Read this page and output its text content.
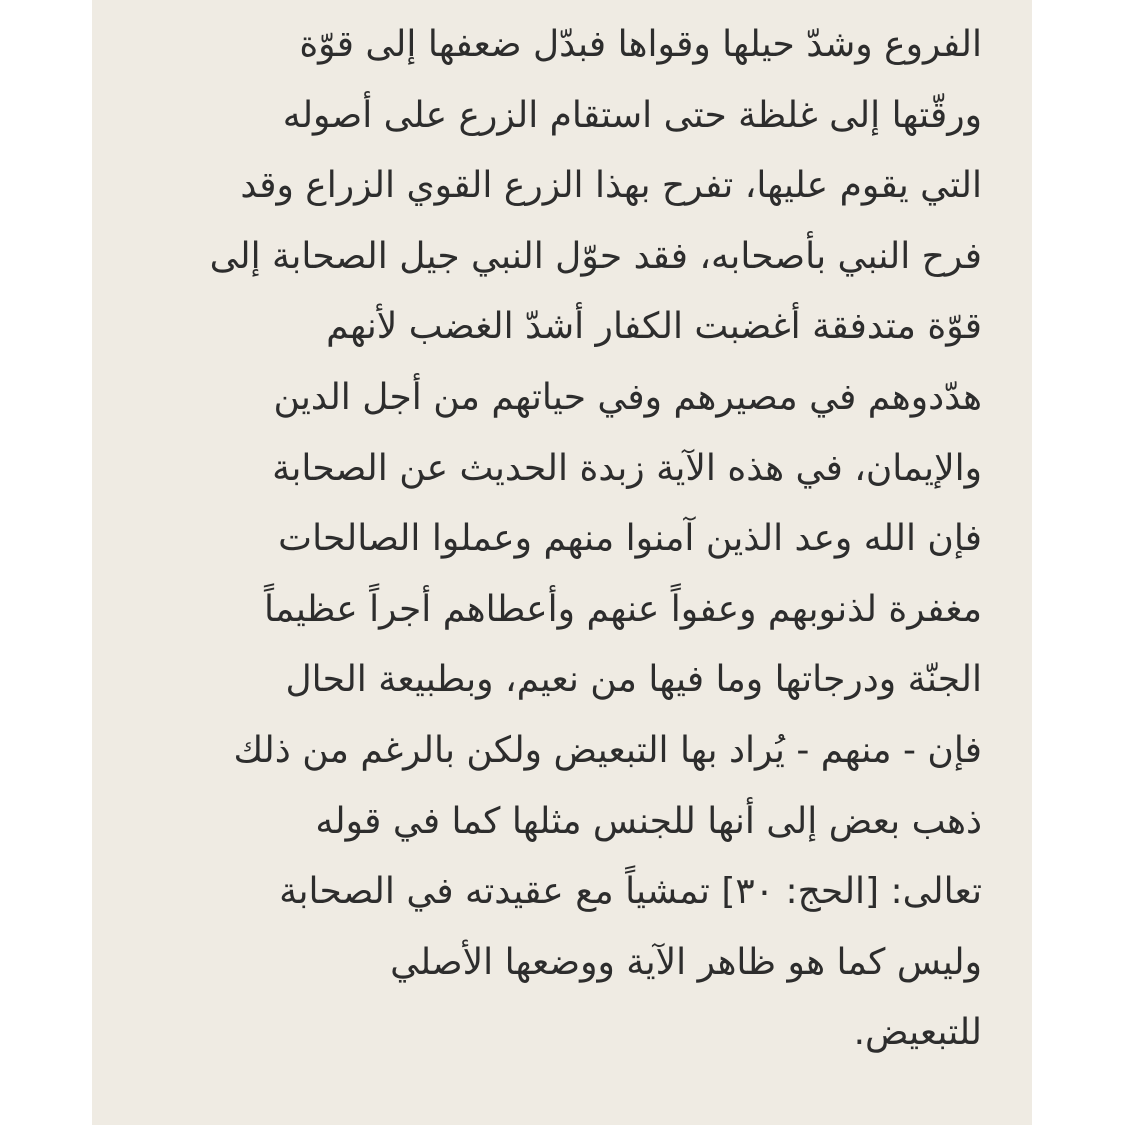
الفروع وشدّ حيلها وقواها فبدّل ضعفها إلى قوّة
ورقّتها إلى غلظة حتى استقام الزرع على أصوله
التي يقوم عليها، تفرح بهذا الزرع القوي الزراع وقد
فرح النبي بأصحابه، فقد حوّل النبي جيل الصحابة إلى
قوّة متدفقة أغضبت الكفار أشدّ الغضب لأنهم
هدّدوهم في مصيرهم وفي حياتهم من أجل الدين
والإيمان، في هذه الآية زبدة الحديث عن الصحابة
فإن الله وعد الذين آمنوا منهم وعملوا الصالحات
مغفرة لذنوبهم وعفواً عنهم وأعطاهم أجراً عظيماً
الجنّة ودرجاتها وما فيها من نعيم، وبطبيعة الحال
فإن - منهم - يُراد بها التبعيض ولكن بالرغم من ذلك
ذهب بعض إلى أنها للجنس مثلها كما في قوله
تعالى: [الحج: ٣٠] تمشياً مع عقيدته في الصحابة
وليس كما هو ظاهر الآية ووضعها الأصلي
للتبعيض.
